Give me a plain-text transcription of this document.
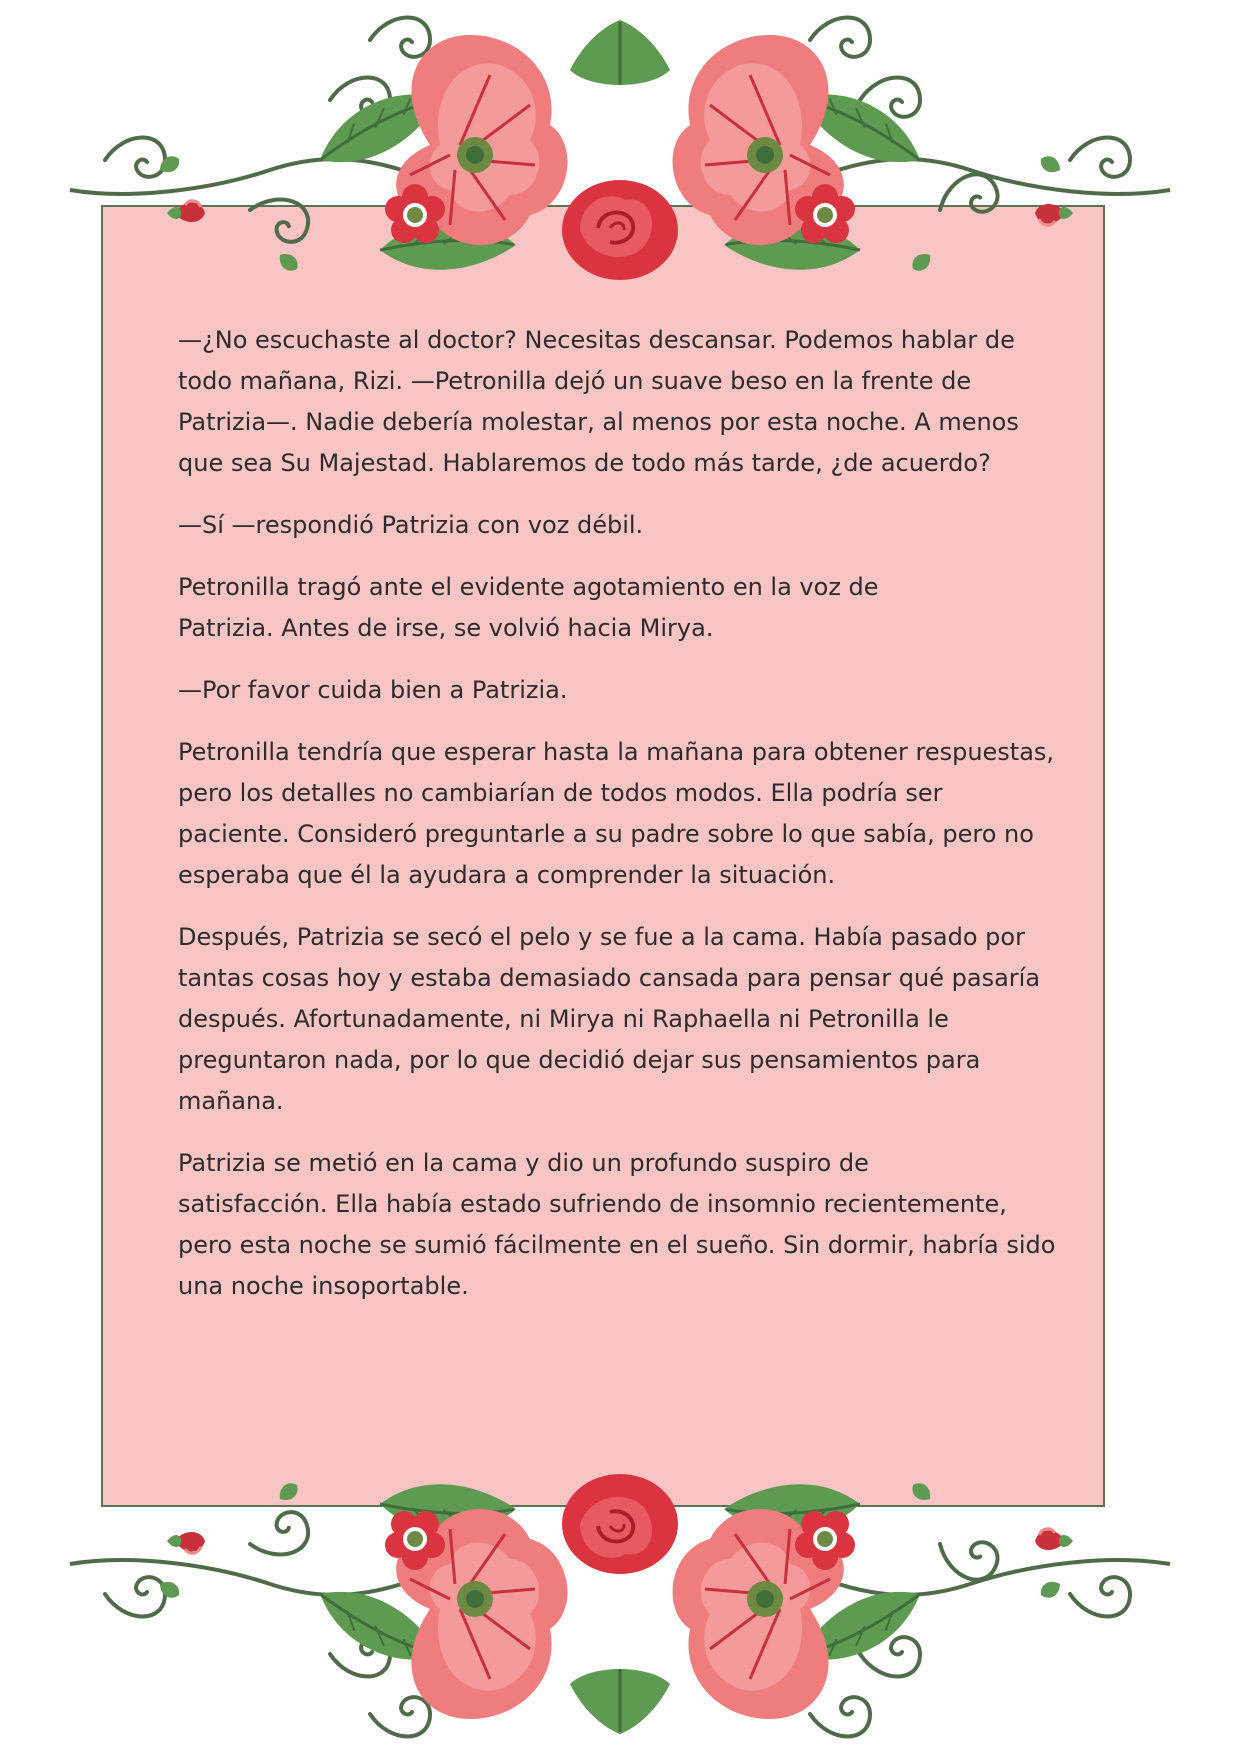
—¿No escuchaste al doctor? Necesitas descansar. Podemos hablar de
todo mañana, Rizi. —Petronilla dejó un suave beso en la frente de
Patrizia—. Nadie debería molestar, al menos por esta noche. A menos
que sea Su Majestad. Hablaremos de todo más tarde, ¿de acuerdo?

—Sí —respondió Patrizia con voz débil.

Petronilla tragó ante el evidente agotamiento en la voz de
Patrizia. Antes de irse, se volvió hacia Mirya.

—Por favor cuida bien a Patrizia.

Petronilla tendría que esperar hasta la mañana para obtener respuestas,
pero los detalles no cambiarían de todos modos. Ella podría ser
paciente. Consideró preguntarle a su padre sobre lo que sabía, pero no
esperaba que él la ayudara a comprender la situación.

Después, Patrizia se secó el pelo y se fue a la cama. Había pasado por
tantas cosas hoy y estaba demasiado cansada para pensar qué pasaría
después. Afortunadamente, ni Mirya ni Raphaella ni Petronilla le
preguntaron nada, por lo que decidió dejar sus pensamientos para
mañana.

Patrizia se metió en la cama y dio un profundo suspiro de
satisfacción. Ella había estado sufriendo de insomnio recientemente,
pero esta noche se sumió fácilmente en el sueño. Sin dormir, habría sido
una noche insoportable.
